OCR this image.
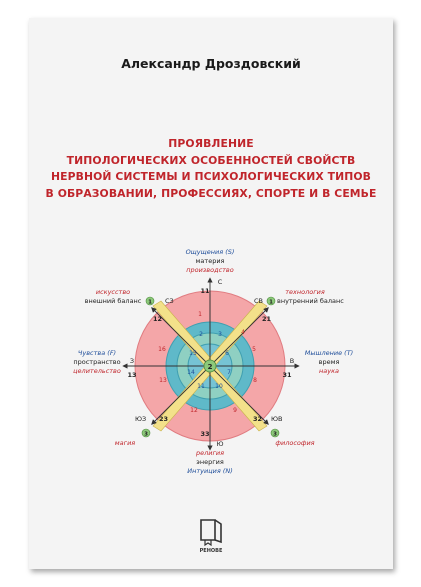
Александр Дроздовский
ПРОЯВЛЕНИЕ
ТИПОЛОГИЧЕСКИХ ОСОБЕННОСТЕЙ СВОЙСТВ
НЕРВНОЙ СИСТЕМЫ И ПСИХОЛОГИЧЕСКИХ ТИПОВ
В ОБРАЗОВАНИИ, ПРОФЕССИЯХ, СПОРТЕ И В СЕМЬЕ
2
1
4
5
8
9
12
13
16
3
6
7
10
11
14
15
2
Ощущения (S)
материя
производство
С
11
33
Ю
религия
энергия
Интуиция (N)
Чувства (F)
пространство
целительство
З
13
В
31
Мышление (T)
время
наука
искусство
внешний баланс 1 СЗ
12
технология
СВ 1 внутренний баланс
21
ЮЗ 23
3
магия
32 ЮВ
3
философия
РЕНОВЕ
